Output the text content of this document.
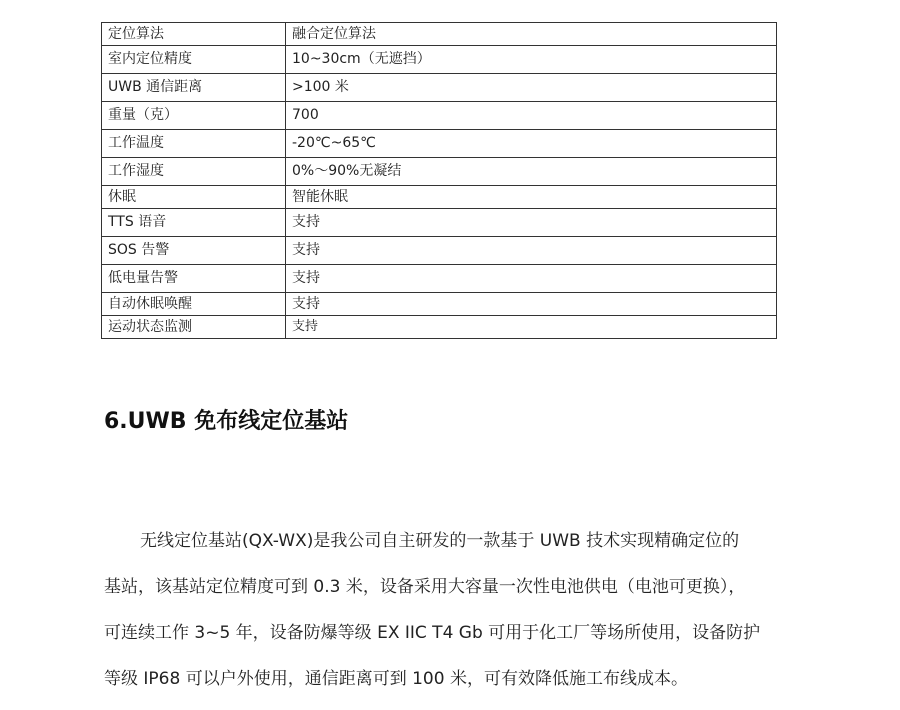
定位算法	融合定位算法
室内定位精度	10~30cm（无遮挡）
UWB 通信距离	>100 米
重量（克）	700
工作温度	-20℃~65℃
工作湿度	0%～90%无凝结
休眠	智能休眠
TTS 语音	支持
SOS 告警	支持
低电量告警	支持
自动休眠唤醒	支持
运动状态监测	支持
6.UWB 免布线定位基站

无线定位基站(QX-WX)是我公司自主研发的一款基于 UWB 技术实现精确定位的
基站，该基站定位精度可到 0.3 米，设备采用大容量一次性电池供电（电池可更换），
可连续工作 3~5 年，设备防爆等级 EX IIC T4 Gb 可用于化工厂等场所使用，设备防护
等级 IP68 可以户外使用，通信距离可到 100 米，可有效降低施工布线成本。
